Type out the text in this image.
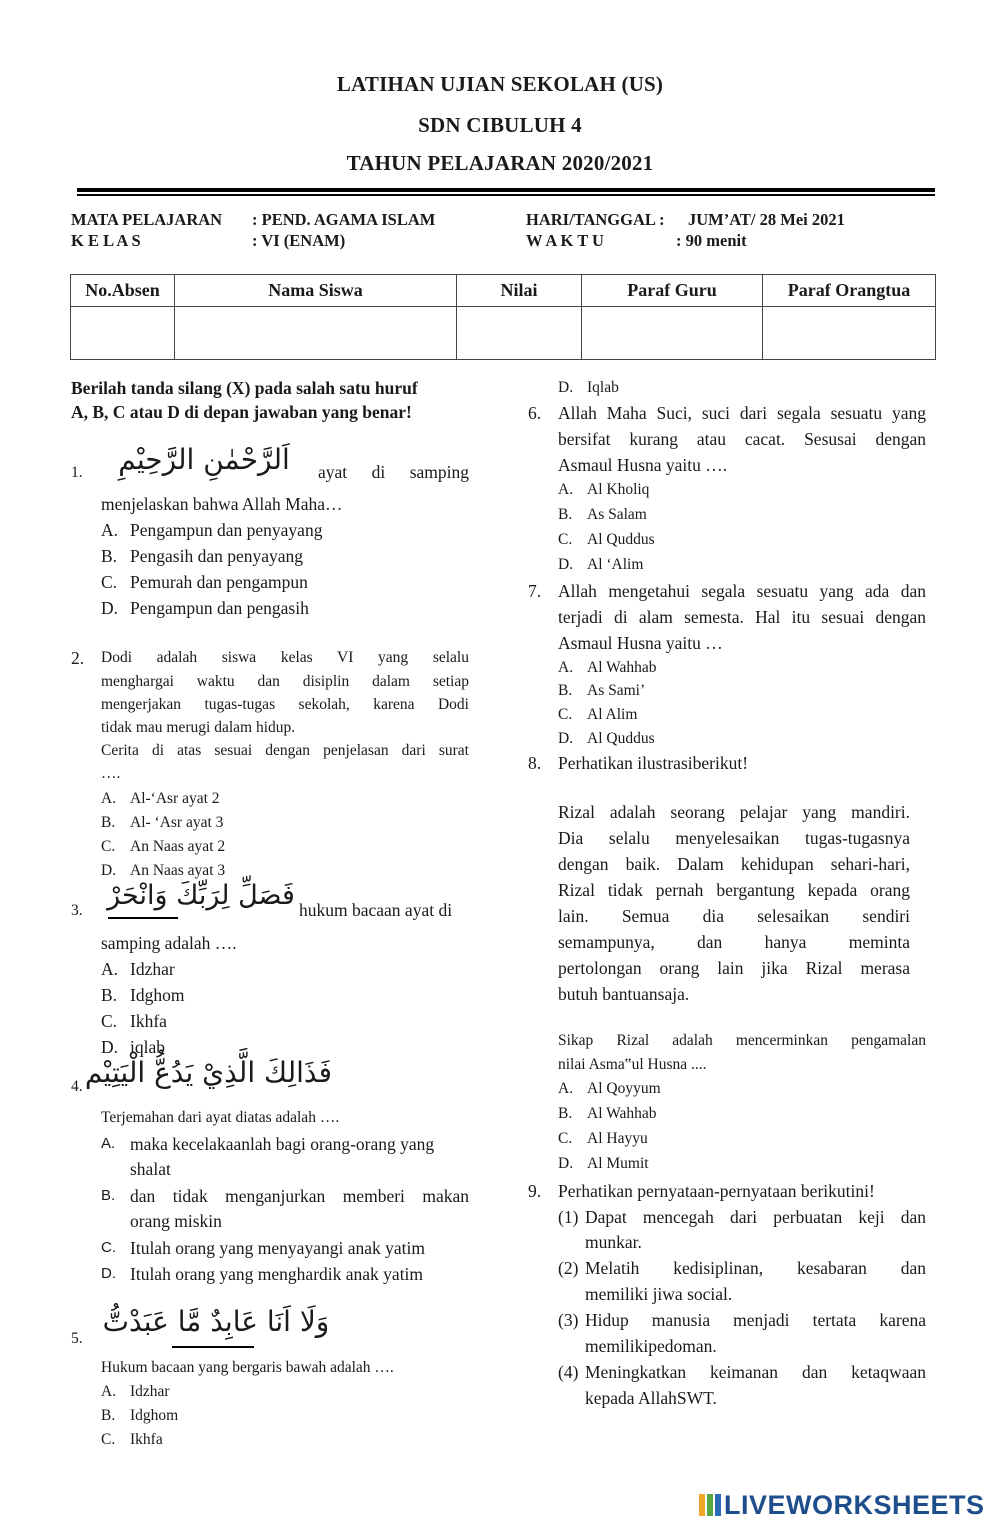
LATIHAN UJIAN SEKOLAH (US)
SDN CIBULUH 4
TAHUN PELAJARAN 2020/2021
MATA PELAJARAN : PEND. AGAMA ISLAM
K E L A S	: VI (ENAM)
HARI/TANGGAL : JUM’AT/ 28 Mei 2021
W A K T U	: 90 menit
No.Absen	Nama Siswa	Nilai	Paraf Guru	Paraf Orangtua

Berilah tanda silang (X) pada salah satu huruf
A, B, C atau D di depan jawaban yang benar!
1.	اَلرَّحْمٰنِ الرَّحِيْمِ	ayat di samping
menjelaskan bahwa Allah Maha…
A. Pengampun dan penyayang
B. Pengasih dan penyayang
C. Pemurah dan pengampun
D. Pengampun dan pengasih
2. Dodi adalah siswa kelas VI yang selalu
menghargai waktu dan disiplin dalam setiap
mengerjakan tugas-tugas sekolah, karena Dodi
tidak mau merugi dalam hidup.
Cerita di atas sesuai dengan penjelasan dari surat
….
A. Al-‘Asr ayat 2
B. Al- ‘Asr ayat 3
C. An Naas ayat 2
D. An Naas ayat 3
3. فَصَلِّ لِرَبِّكَ وَانْحَرْ hukum bacaan ayat di
samping adalah ….
A. Idzhar
B. Idghom
C. Ikhfa
D. iqlab
4. فَذَالِكَ الَّذِيْ يَدُعُّ الْيَتِيْم
Terjemahan dari ayat diatas adalah ….
A. maka kecelakaanlah bagi orang-orang yang
shalat
B. dan tidak menganjurkan memberi makan
orang miskin
C. Itulah orang yang menyayangi anak yatim
D. Itulah orang yang menghardik anak yatim
5.
وَلَا اَنَا عَابِدٌ مَّا عَبَدْتُّ
Hukum bacaan yang bergaris bawah adalah ….
A. Idzhar
B. Idghom
C. Ikhfa
D. Iqlab
6. Allah Maha Suci, suci dari segala sesuatu yang
bersifat kurang atau cacat. Sesusai dengan
Asmaul Husna yaitu ….
A. Al Kholiq
B. As Salam
C. Al Quddus
D. Al ‘Alim
7. Allah mengetahui segala sesuatu yang ada dan
terjadi di alam semesta. Hal itu sesuai dengan
Asmaul Husna yaitu …
A. Al Wahhab
B. As Sami’
C. Al Alim
D. Al Quddus
8. Perhatikan ilustrasiberikut!
Rizal adalah seorang pelajar yang mandiri.
Dia selalu menyelesaikan tugas-tugasnya
dengan baik. Dalam kehidupan sehari-hari,
Rizal tidak pernah bergantung kepada orang
lain. Semua dia selesaikan sendiri
semampunya, dan hanya meminta
pertolongan orang lain jika Rizal merasa
butuh bantuansaja.
Sikap Rizal adalah mencerminkan pengamalan
nilai Asma‟ul Husna ....
A. Al Qoyyum
B. Al Wahhab
C. Al Hayyu
D. Al Mumit
9. Perhatikan pernyataan-pernyataan berikutini!
(1) Dapat mencegah dari perbuatan keji dan
munkar.
(2) Melatih kedisiplinan, kesabaran dan
memiliki jiwa social.
(3) Hidup manusia menjadi tertata karena
memilikipedoman.
(4) Meningkatkan keimanan dan ketaqwaan
kepada AllahSWT.
LIVEWORKSHEETS
